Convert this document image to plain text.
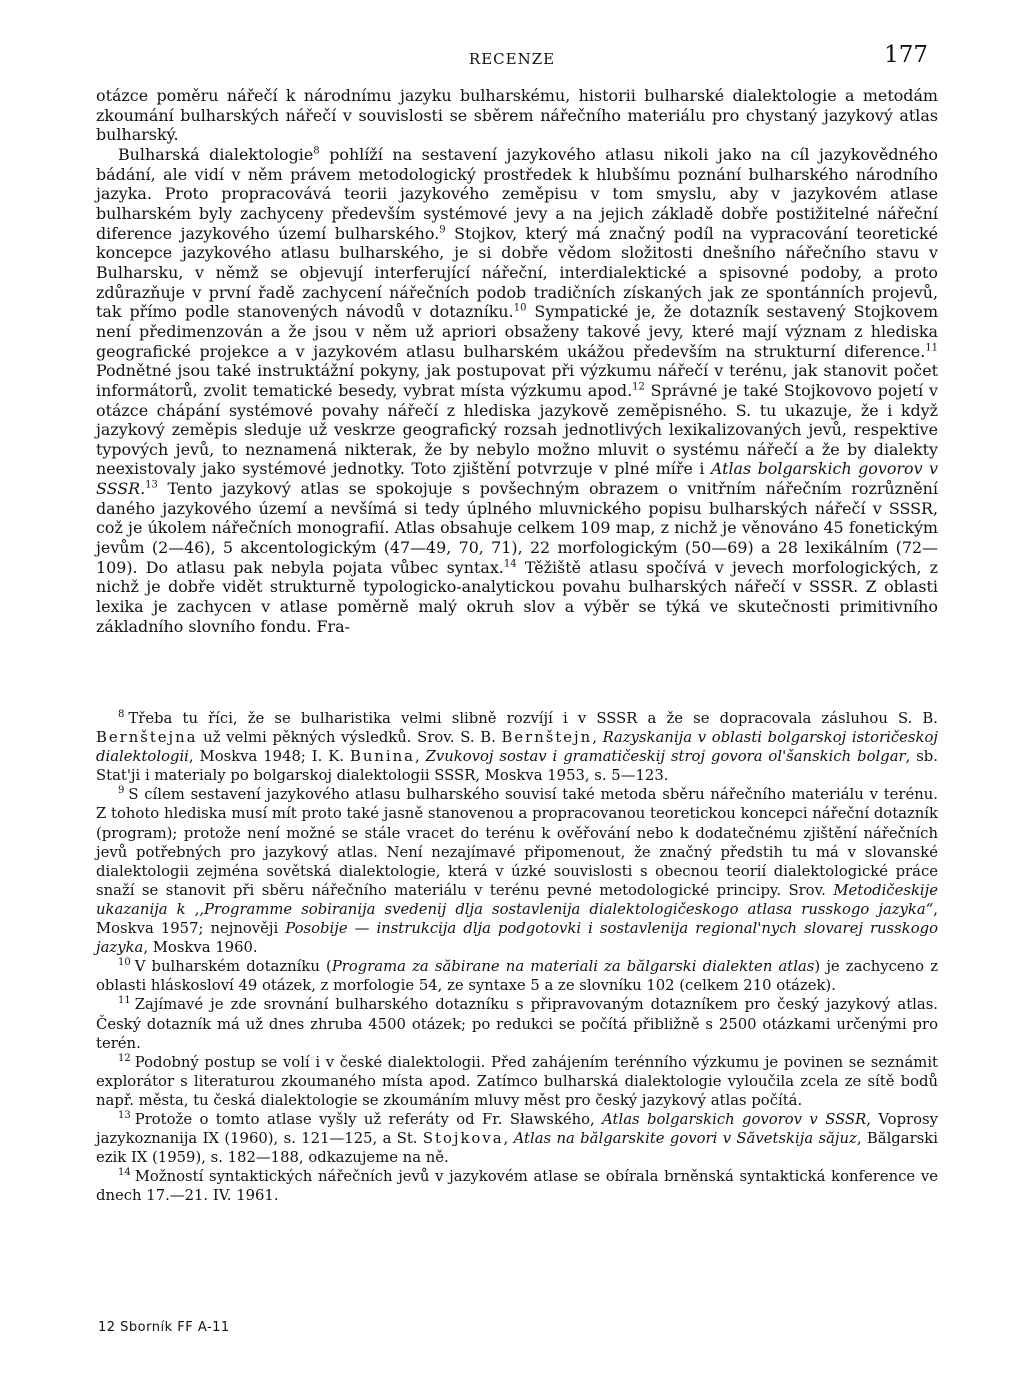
RECENZE	177

otázce poměru nářečí k národnímu jazyku bulharskému, historii bulharské dialektologie a metodám zkoumání bulharských nářečí v souvislosti se sběrem nářečního materiálu pro chystaný jazykový atlas bulharský.

Bulharská dialektologie$^8$ pohlíží na sestavení jazykového atlasu nikoli jako na cíl jazykovědného bádání, ale vidí v něm právem metodologický prostředek k hlubšímu poznání bulharského národního jazyka. Proto propracovává teorii jazykového zeměpisu v tom smyslu, aby v jazykovém atlase bulharském byly zachyceny především systémové jevy a na jejich základě dobře postižitelné nářeční diference jazykového území bulharského.$^9$ Stojkov, který má značný podíl na vypracování teoretické koncepce jazykového atlasu bulharského, je si dobře vědom složitosti dnešního nářečního stavu v Bulharsku, v němž se objevují interferující nářeční, interdialektické a spisovné podoby, a proto zdůrazňuje v první řadě zachycení nářečních podob tradičních získaných jak ze spontánních projevů, tak přímo podle stanovených návodů v dotazníku.$^{10}$ Sympatické je, že dotazník sestavený Stojkovem není předimenzován a že jsou v něm už apriori obsaženy takové jevy, které mají význam z hlediska geografické projekce a v jazykovém atlasu bulharském ukážou především na strukturní diference.$^{11}$ Podnětné jsou také instruktážní pokyny, jak postupovat při výzkumu nářečí v terénu, jak stanovit počet informátorů, zvolit tematické besedy, vybrat místa výzkumu apod.$^{12}$ Správné je také Stojkovovo pojetí v otázce chápání systémové povahy nářečí z hlediska jazykově zeměpisného. S. tu ukazuje, že i když jazykový zeměpis sleduje už veskrze geografický rozsah jednotlivých lexikalizovaných jevů, respektive typových jevů, to neznamená nikterak, že by nebylo možno mluvit o systému nářečí a že by dialekty neexistovaly jako systémové jednotky. Toto zjištění potvrzuje v plné míře i Atlas bolgarskich govorov v SSSR.$^{13}$ Tento jazykový atlas se spokojuje s povšechným obrazem o vnitřním nářečním rozrůznění daného jazykového území a nevšímá si tedy úplného mluvnického popisu bulharských nářečí v SSSR, což je úkolem nářečních monografií. Atlas obsahuje celkem 109 map, z nichž je věnováno 45 fonetickým jevům (2—46), 5 akcentologickým (47—49, 70, 71), 22 morfologickým (50—69) a 28 lexikálním (72—109). Do atlasu pak nebyla pojata vůbec syntax.$^{14}$ Těžiště atlasu spočívá v jevech morfologických, z nichž je dobře vidět strukturně typologicko-analytickou povahu bulharských nářečí v SSSR. Z oblasti lexika je zachycen v atlase poměrně malý okruh slov a výběr se týká ve skutečnosti primitivního základního slovního fondu. Fra-

$^8$ Třeba tu říci, že se bulharistika velmi slibně rozvíjí i v SSSR a že se dopracovala zásluhou S. B. Bernštejna už velmi pěkných výsledků. Srov. S. B. Bernštejn, Razyskanija v oblasti bolgarskoj istoričeskoj dialektologii, Moskva 1948; I. K. Bunina, Zvukovoj sostav i gramatičeskij stroj govora ol'šanskich bolgar, sb. Stat'ji i materialy po bolgarskoj dialektologii SSSR, Moskva 1953, s. 5—123.

$^9$ S cílem sestavení jazykového atlasu bulharského souvisí také metoda sběru nářečního materiálu v terénu. Z tohoto hlediska musí mít proto také jasně stanovenou a propracovanou teoretickou koncepci nářeční dotazník (program); protože není možné se stále vracet do terénu k ověřování nebo k dodatečnému zjištění nářečních jevů potřebných pro jazykový atlas. Není nezajímavé připomenout, že značný předstih tu má v slovanské dialektologii zejména sovětská dialektologie, která v úzké souvislosti s obecnou teorií dialektologické práce snaží se stanovit při sběru nářečního materiálu v terénu pevné metodologické principy. Srov. Metodičeskije ukazanija k ,,Programme sobiranija svedenij dlja sostavlenija dialektologičeskogo atlasa russkogo jazyka“, Moskva 1957; nejnověji Posobije — instrukcija dlja podgotovki i sostavlenija regional'nych slovarej russkogo jazyka, Moskva 1960.

$^{10}$ V bulharském dotazníku (Programa za săbirane na materiali za bălgarski dialekten atlas) je zachyceno z oblasti hláskosloví 49 otázek, z morfologie 54, ze syntaxe 5 a ze slovníku 102 (celkem 210 otázek).

$^{11}$ Zajímavé je zde srovnání bulharského dotazníku s připravovaným dotazníkem pro český jazykový atlas. Český dotazník má už dnes zhruba 4500 otázek; po redukci se počítá přibližně s 2500 otázkami určenými pro terén.

$^{12}$ Podobný postup se volí i v české dialektologii. Před zahájením terénního výzkumu je povinen se seznámit explorátor s literaturou zkoumaného místa apod. Zatímco bulharská dialektologie vyloučila zcela ze sítě bodů např. města, tu česká dialektologie se zkoumáním mluvy měst pro český jazykový atlas počítá.

$^{13}$ Protože o tomto atlase vyšly už referáty od Fr. Sławského, Atlas bolgarskich govorov v SSSR, Voprosy jazykoznanija IX (1960), s. 121—125, a St. Stojkova, Atlas na bălgarskite govori v Săvetskija săjuz, Bălgarski ezik IX (1959), s. 182—188, odkazujeme na ně.

$^{14}$ Možností syntaktických nářečních jevů v jazykovém atlase se obírala brněnská syntaktická konference ve dnech 17.—21. IV. 1961.

12 Sborník FF A-11
